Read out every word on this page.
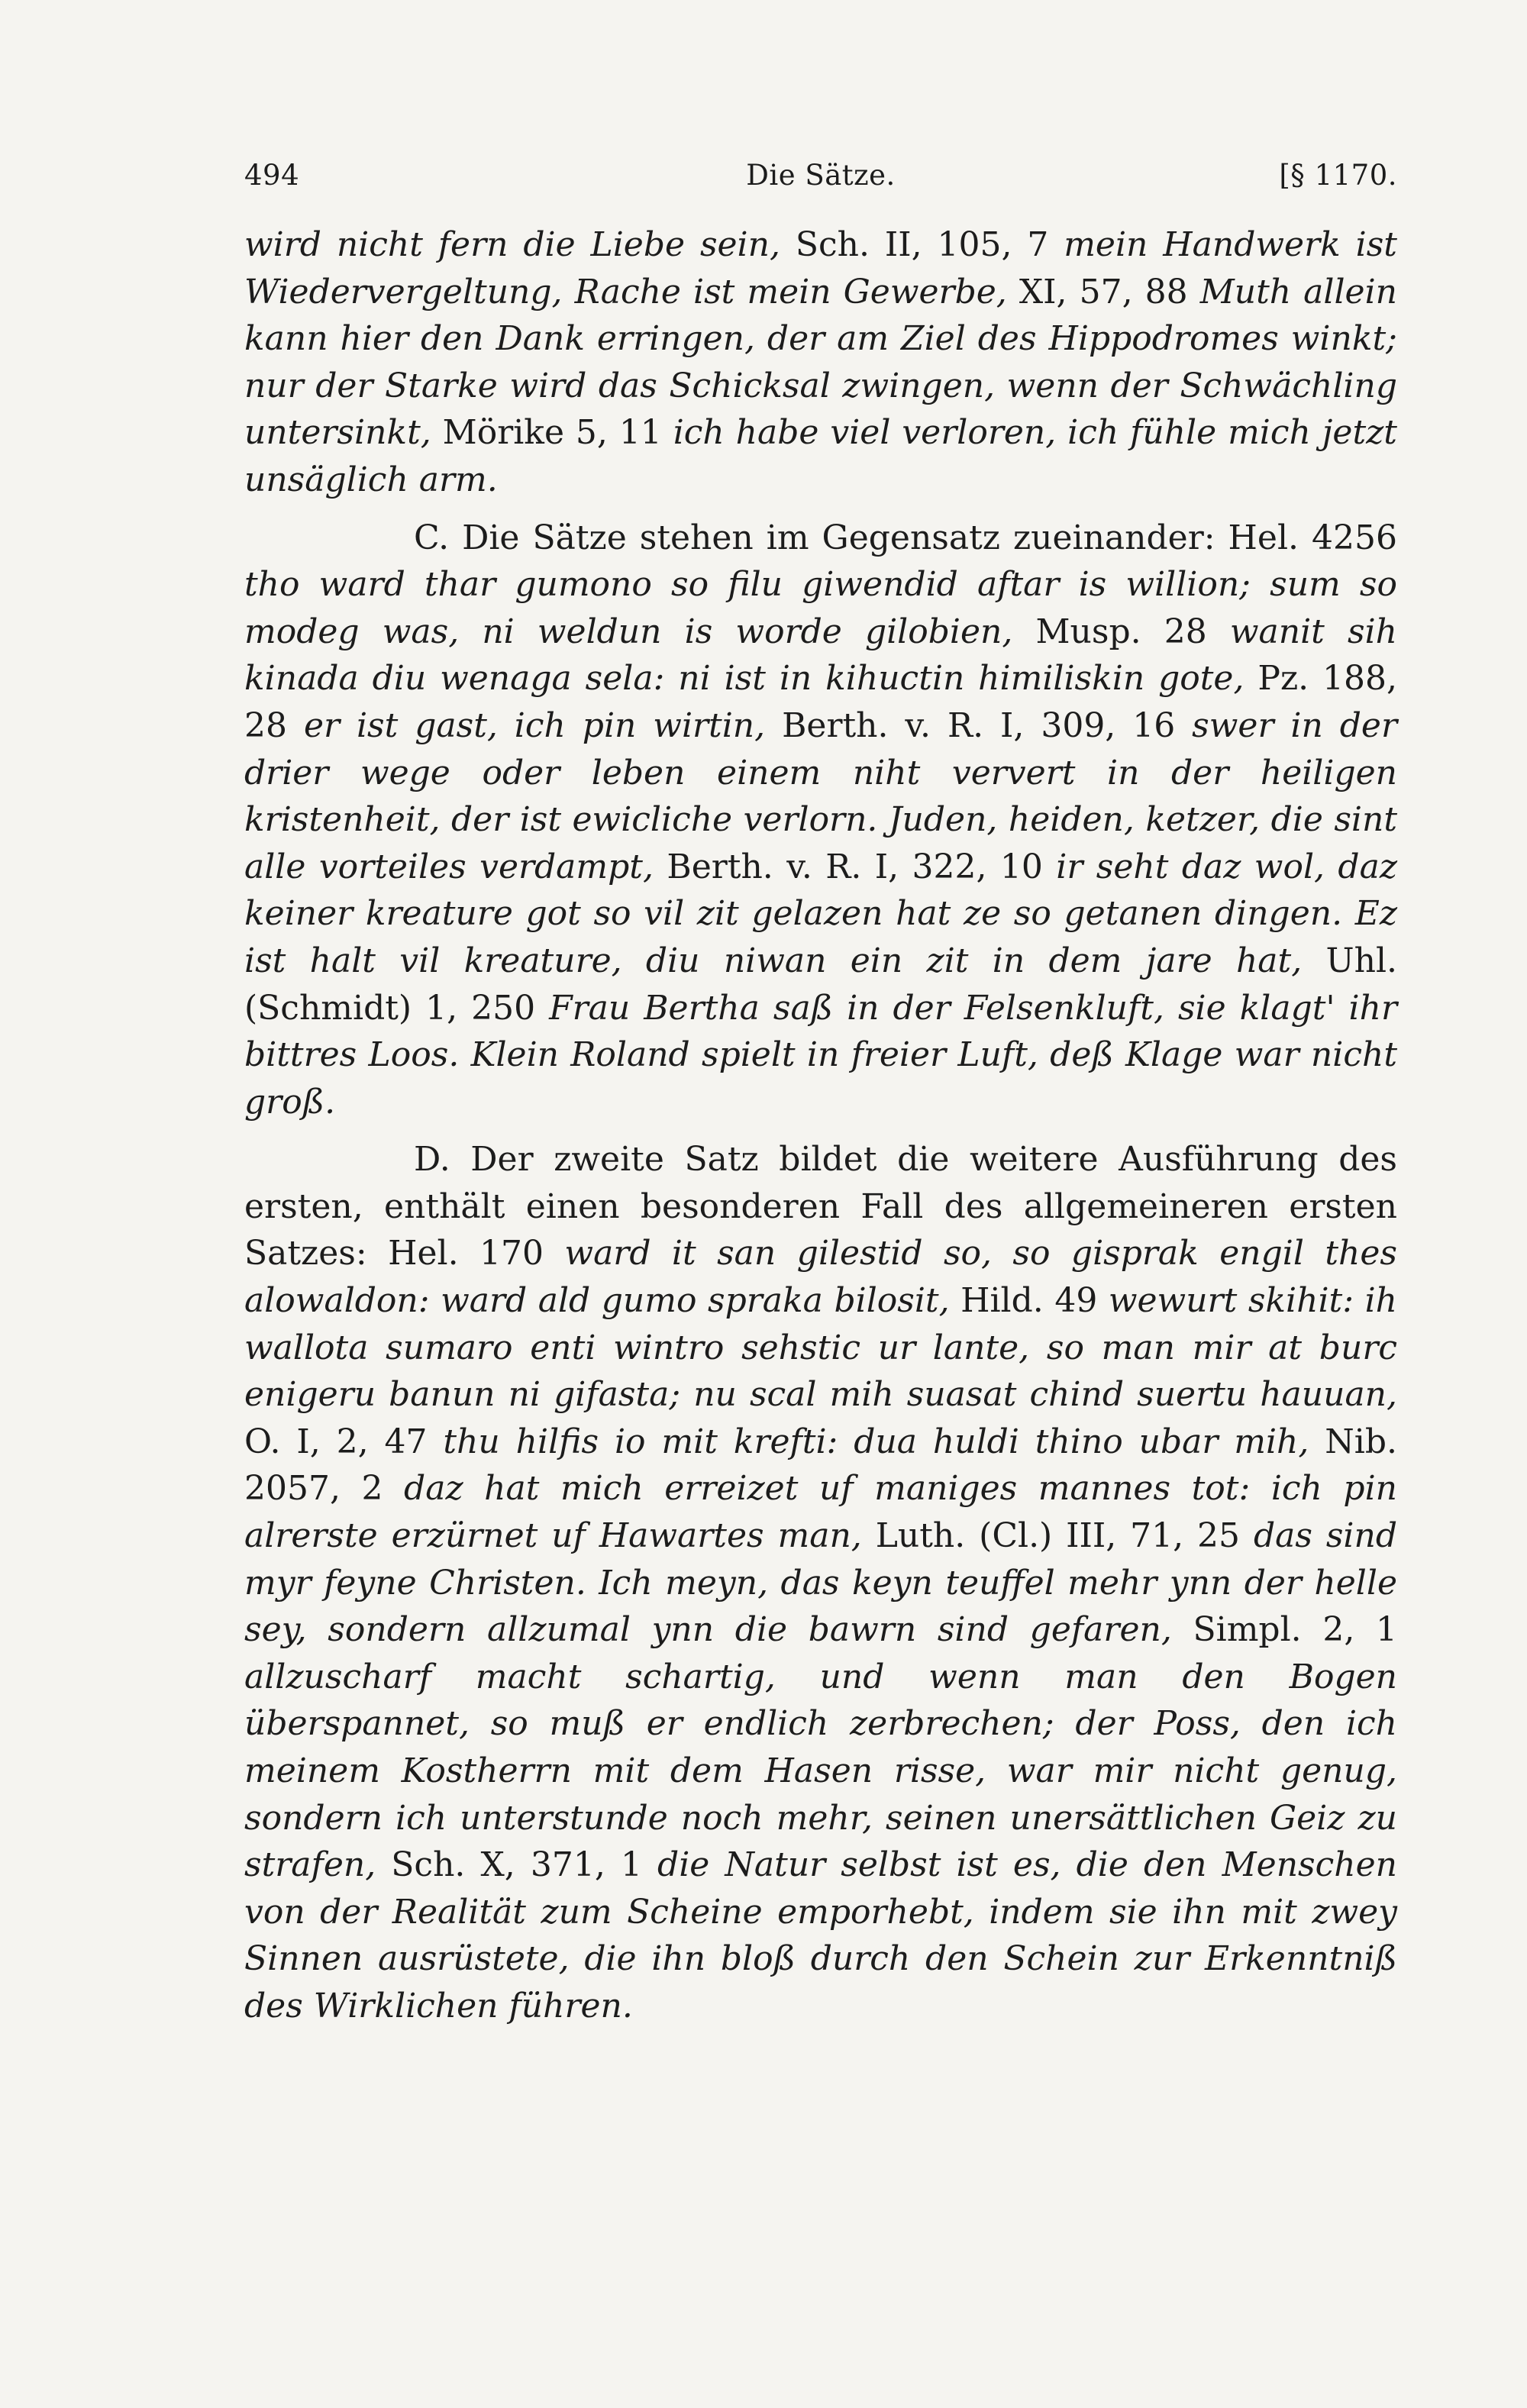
494	Die Sätze.	[§ 1170.

wird nicht fern die Liebe sein, Sch. II, 105, 7 mein Handwerk ist Wiedervergeltung, Rache ist mein Gewerbe, XI, 57, 88 Muth allein kann hier den Dank erringen, der am Ziel des Hippodromes winkt; nur der Starke wird das Schicksal zwingen, wenn der Schwächling untersinkt, Mörike 5, 11 ich habe viel verloren, ich fühle mich jetzt unsäglich arm.

C. Die Sätze stehen im Gegensatz zueinander: Hel. 4256 tho ward thar gumono so filu giwendid aftar is willion; sum so modeg was, ni weldun is worde gilobien, Musp. 28 wanit sih kinada diu wenaga sela: ni ist in kihuctin himiliskin gote, Pz. 188, 28 er ist gast, ich pin wirtin, Berth. v. R. I, 309, 16 swer in der drier wege oder leben einem niht ververt in der heiligen kristenheit, der ist ewicliche verlorn. Juden, heiden, ketzer, die sint alle vorteiles verdampt, Berth. v. R. I, 322, 10 ir seht daz wol, daz keiner kreature got so vil zit gelazen hat ze so getanen dingen. Ez ist halt vil kreature, diu niwan ein zit in dem jare hat, Uhl. (Schmidt) 1, 250 Frau Bertha saß in der Felsenkluft, sie klagt' ihr bittres Loos. Klein Roland spielt in freier Luft, deß Klage war nicht groß.

D. Der zweite Satz bildet die weitere Ausführung des ersten, enthält einen besonderen Fall des allgemeineren ersten Satzes: Hel. 170 ward it san gilestid so, so gisprak engil thes alowaldon: ward ald gumo spraka bilosit, Hild. 49 wewurt skihit: ih wallota sumaro enti wintro sehstic ur lante, so man mir at burc enigeru banun ni gifasta; nu scal mih suasat chind suertu hauuan, O. I, 2, 47 thu hilfis io mit krefti: dua huldi thino ubar mih, Nib. 2057, 2 daz hat mich erreizet uf maniges mannes tot: ich pin alrerste erzürnet uf Hawartes man, Luth. (Cl.) III, 71, 25 das sind myr feyne Christen. Ich meyn, das keyn teuffel mehr ynn der helle sey, sondern allzumal ynn die bawrn sind gefaren, Simpl. 2, 1 allzuscharf macht schartig, und wenn man den Bogen überspannet, so muß er endlich zerbrechen; der Poss, den ich meinem Kostherrn mit dem Hasen risse, war mir nicht genug, sondern ich unterstunde noch mehr, seinen unersättlichen Geiz zu strafen, Sch. X, 371, 1 die Natur selbst ist es, die den Menschen von der Realität zum Scheine emporhebt, indem sie ihn mit zwey Sinnen ausrüstete, die ihn bloß durch den Schein zur Erkenntniß des Wirklichen führen.
